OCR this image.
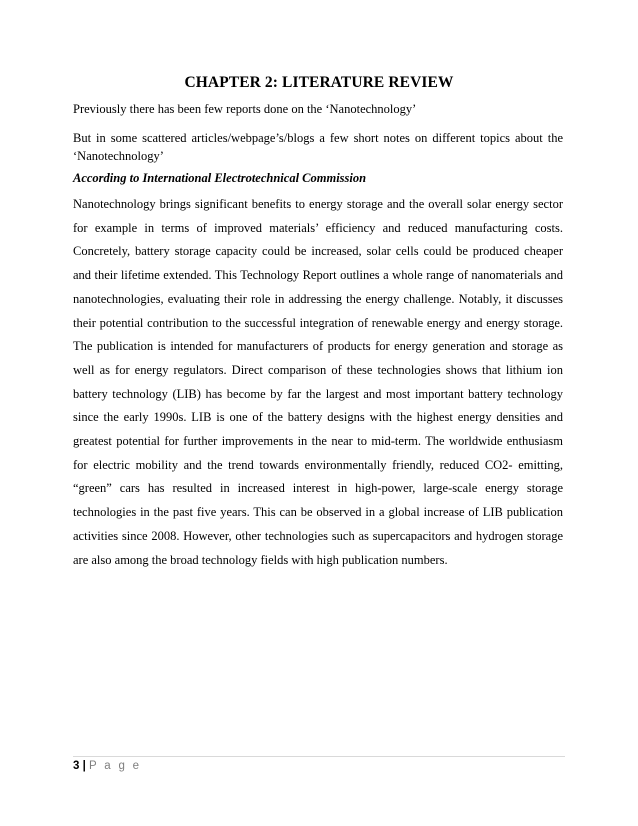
CHAPTER 2: LITERATURE REVIEW

Previously there has been few reports done on the ‘Nanotechnology’

But in some scattered articles/webpage’s/blogs a few short notes on different topics about the ‘Nanotechnology’

According to International Electrotechnical Commission

Nanotechnology brings significant benefits to energy storage and the overall solar energy sector for example in terms of improved materials’ efficiency and reduced manufacturing costs. Concretely, battery storage capacity could be increased, solar cells could be produced cheaper and their lifetime extended. This Technology Report outlines a whole range of nanomaterials and nanotechnologies, evaluating their role in addressing the energy challenge. Notably, it discusses their potential contribution to the successful integration of renewable energy and energy storage. The publication is intended for manufacturers of products for energy generation and storage as well as for energy regulators. Direct comparison of these technologies shows that lithium ion battery technology (LIB) has become by far the largest and most important battery technology since the early 1990s. LIB is one of the battery designs with the highest energy densities and greatest potential for further improvements in the near to mid-term. The worldwide enthusiasm for electric mobility and the trend towards environmentally friendly, reduced CO2- emitting, “green” cars has resulted in increased interest in high-power, large-scale energy storage technologies in the past five years. This can be observed in a global increase of LIB publication activities since 2008. However, other technologies such as supercapacitors and hydrogen storage are also among the broad technology fields with high publication numbers.

3 | P a g e
